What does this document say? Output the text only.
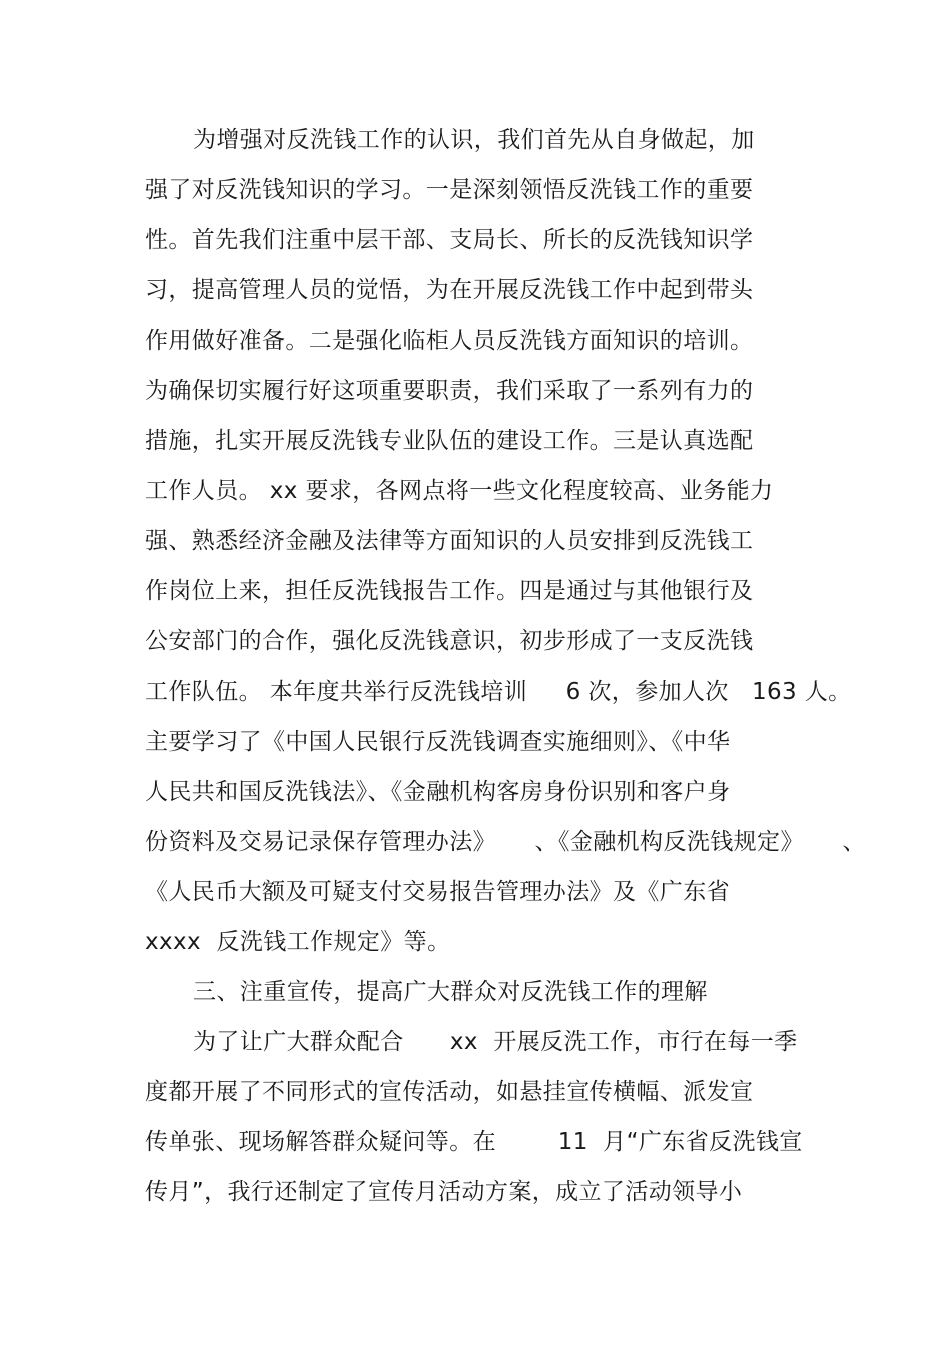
为增强对反洗钱工作的认识，我们首先从自身做起，加
强了对反洗钱知识的学习。一是深刻领悟反洗钱工作的重要
性。首先我们注重中层干部、支局长、所长的反洗钱知识学
习，提高管理人员的觉悟，为在开展反洗钱工作中起到带头
作用做好准备。二是强化临柜人员反洗钱方面知识的培训。
为确保切实履行好这项重要职责，我们采取了一系列有力的
措施，扎实开展反洗钱专业队伍的建设工作。三是认真选配
工作人员。 xx 要求，各网点将一些文化程度较高、业务能力
强、熟悉经济金融及法律等方面知识的人员安排到反洗钱工
作岗位上来，担任反洗钱报告工作。四是通过与其他银行及
公安部门的合作，强化反洗钱意识，初步形成了一支反洗钱
工作队伍。 本年度共举行反洗钱培训     6 次，参加人次   163 人。
主要学习了《中国人民银行反洗钱调查实施细则》、《中华
人民共和国反洗钱法》、《金融机构客房身份识别和客户身
份资料及交易记录保存管理办法》     、《金融机构反洗钱规定》     、
《人民币大额及可疑支付交易报告管理办法》及《广东省
xxxx  反洗钱工作规定》等。
三、注重宣传，提高广大群众对反洗钱工作的理解
为了让广大群众配合      xx  开展反洗工作，市行在每一季
度都开展了不同形式的宣传活动，如悬挂宣传横幅、派发宣
传单张、现场解答群众疑问等。在        11  月“广东省反洗钱宣
传月”，我行还制定了宣传月活动方案，成立了活动领导小
